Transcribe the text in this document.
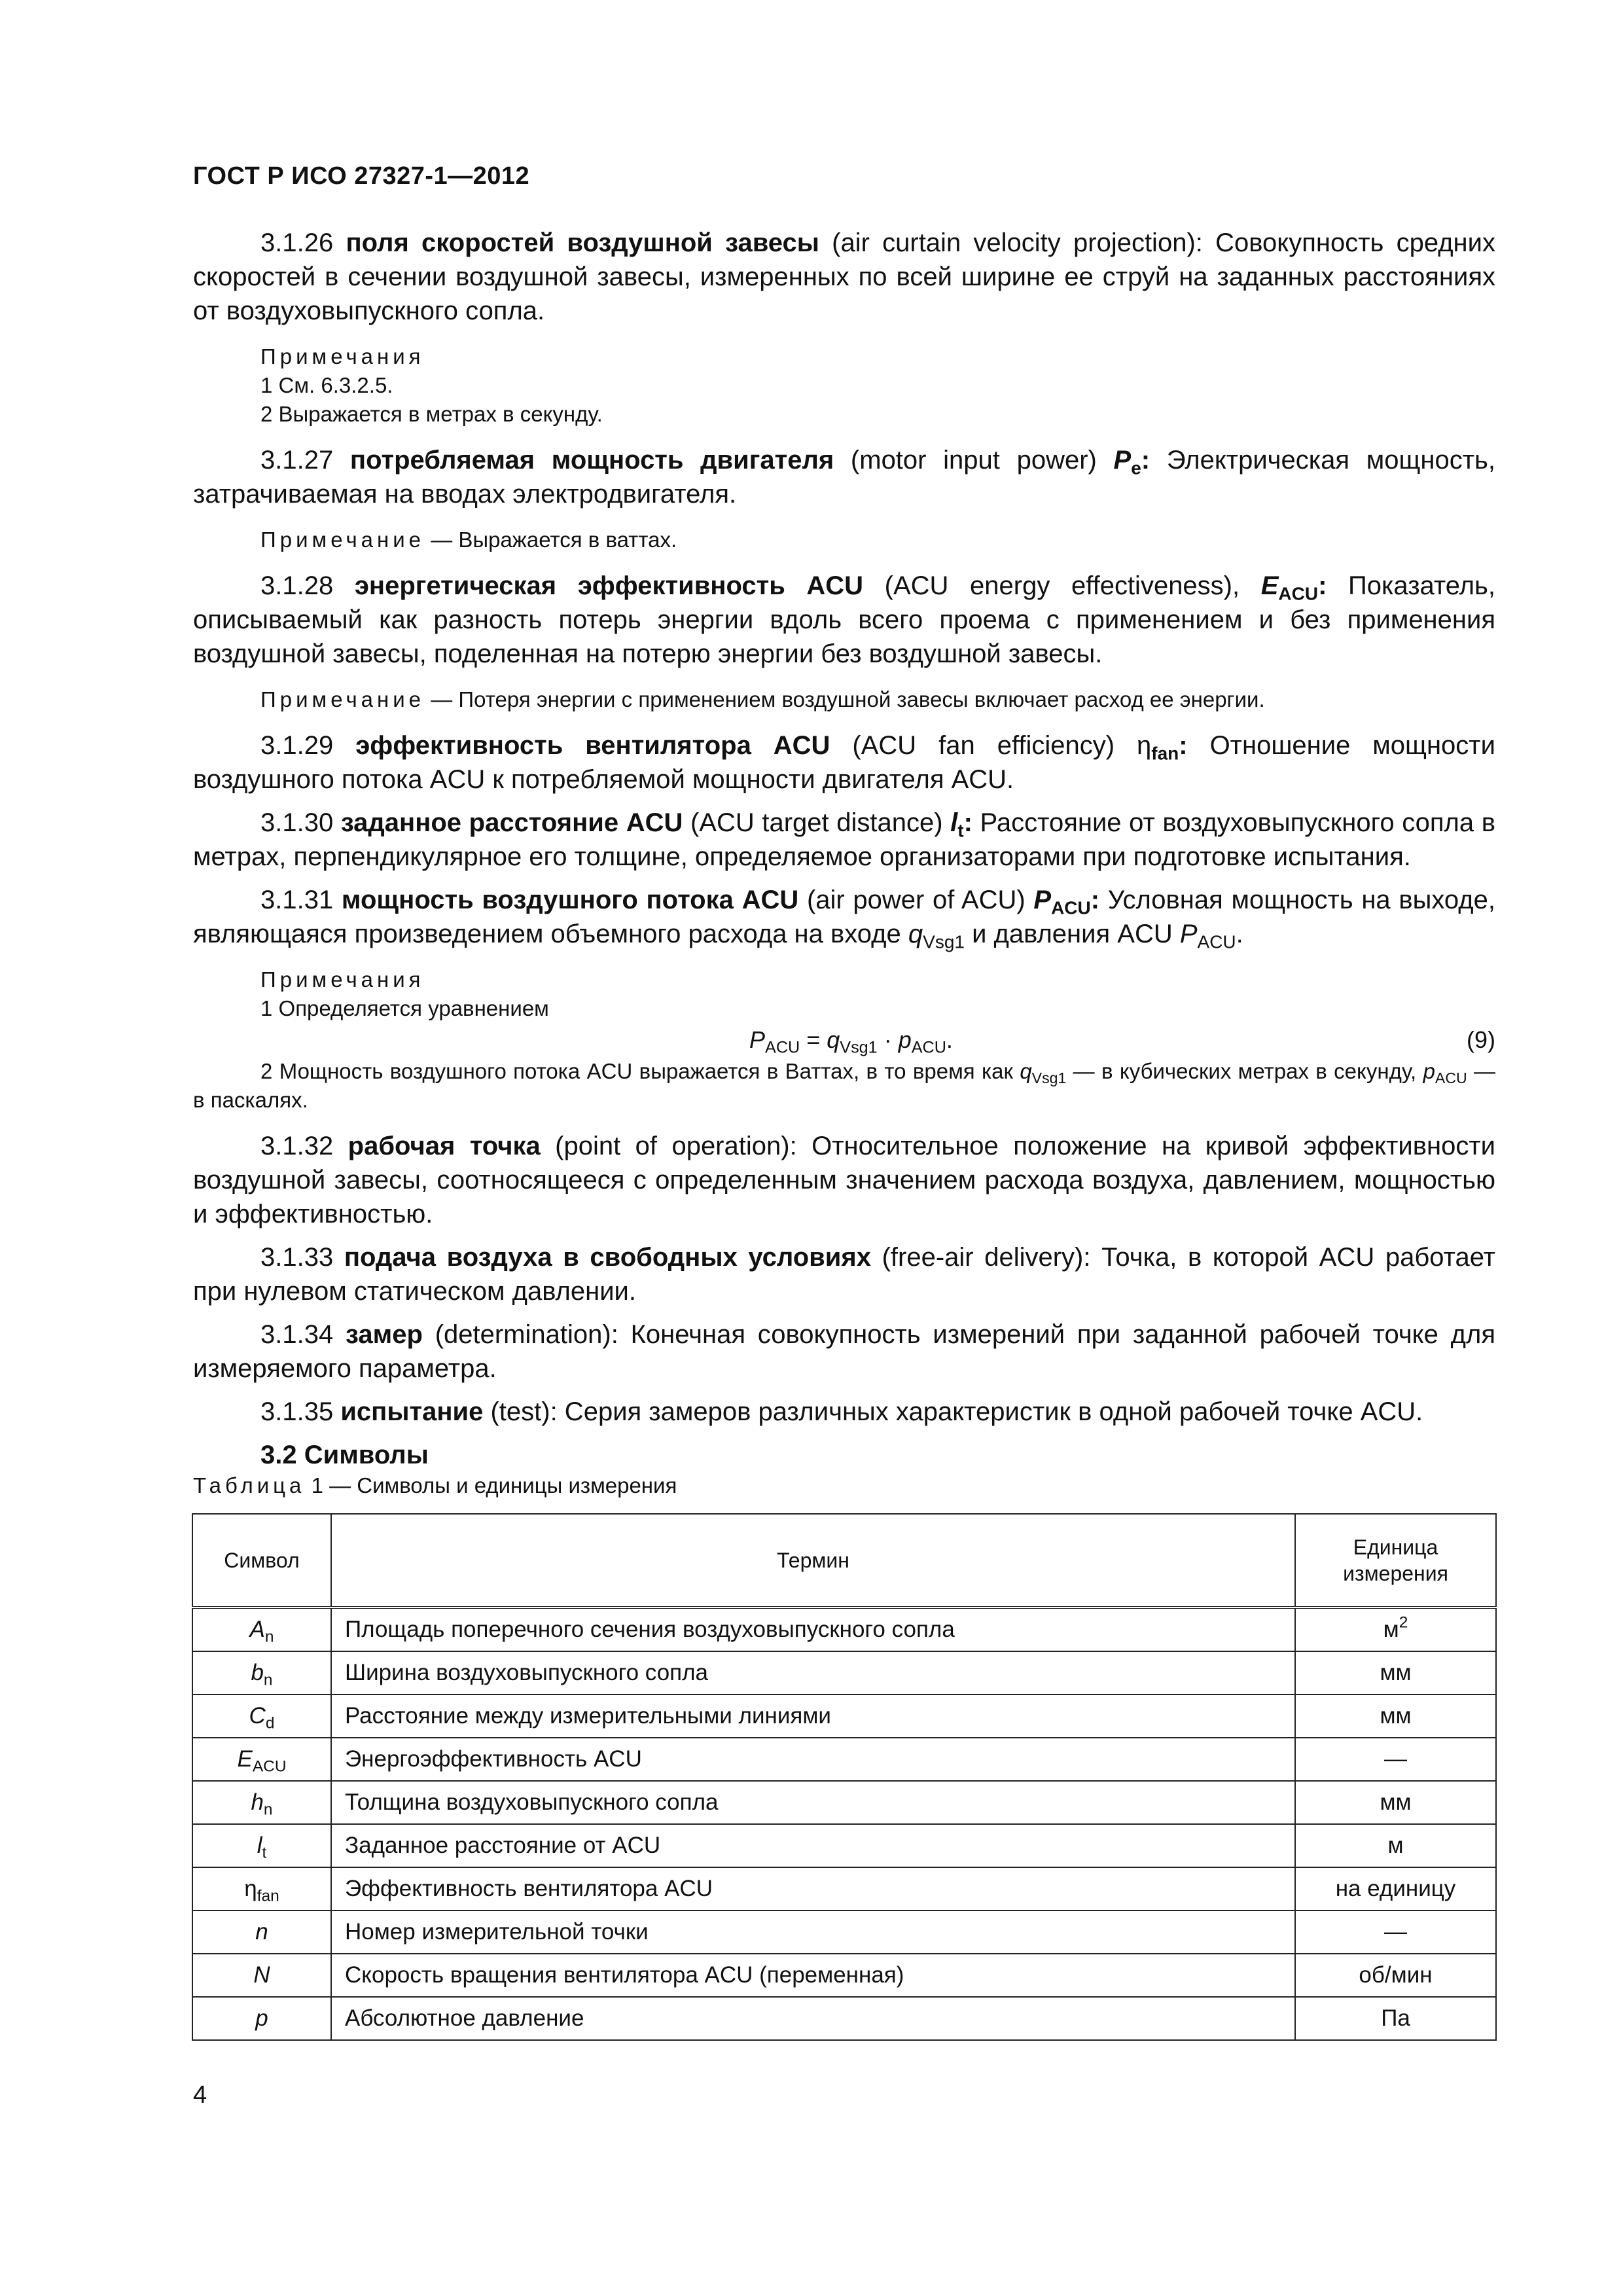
ГОСТ Р ИСО 27327-1—2012

3.1.26 поля скоростей воздушной завесы (air curtain velocity projection): Совокупность средних скоростей в сечении воздушной завесы, измеренных по всей ширине ее струй на заданных расстояниях от воздуховыпускного сопла.

Примечания

1 См. 6.3.2.5.

2 Выражается в метрах в секунду.

3.1.27 потребляемая мощность двигателя (motor input power) $P_e$: Электрическая мощность, затрачиваемая на вводах электродвигателя.

Примечание — Выражается в ваттах.

3.1.28 энергетическая эффективность ACU (ACU energy effectiveness), $E_{ACU}$: Показатель, описываемый как разность потерь энергии вдоль всего проема с применением и без применения воздушной завесы, поделенная на потерю энергии без воздушной завесы.

Примечание — Потеря энергии с применением воздушной завесы включает расход ее энергии.

3.1.29 эффективность вентилятора ACU (ACU fan efficiency) $\eta_{fan}$: Отношение мощности воздушного потока ACU к потребляемой мощности двигателя ACU.

3.1.30 заданное расстояние ACU (ACU target distance) $l_t$: Расстояние от воздуховыпускного сопла в метрах, перпендикулярное его толщине, определяемое организаторами при подготовке испытания.

3.1.31 мощность воздушного потока ACU (air power of ACU) $P_{ACU}$: Условная мощность на выходе, являющаяся произведением объемного расхода на входе $q_{Vsg1}$ и давления ACU $P_{ACU}$.

Примечания

1 Определяется уравнением

$P_{ACU} = q_{Vsg1} \cdot p_{ACU}$.	(9)

2 Мощность воздушного потока ACU выражается в Ваттах, в то время как $q_{Vsg1}$ — в кубических метрах в секунду, $p_{ACU}$ — в паскалях.

3.1.32 рабочая точка (point of operation): Относительное положение на кривой эффективности воздушной завесы, соотносящееся с определенным значением расхода воздуха, давлением, мощностью и эффективностью.

3.1.33 подача воздуха в свободных условиях (free-air delivery): Точка, в которой ACU работает при нулевом статическом давлении.

3.1.34 замер (determination): Конечная совокупность измерений при заданной рабочей точке для измеряемого параметра.

3.1.35 испытание (test): Серия замеров различных характеристик в одной рабочей точке ACU.

3.2 Символы

Таблица 1 — Символы и единицы измерения
Символ	Термин	Единица измерения
$A_n$	Площадь поперечного сечения воздуховыпускного сопла	$м^2$
$b_n$	Ширина воздуховыпускного сопла	мм
$C_d$	Расстояние между измерительными линиями	мм
$E_{ACU}$	Энергоэффективность ACU	—
$h_n$	Толщина воздуховыпускного сопла	мм
$l_t$	Заданное расстояние от ACU	м
$\eta_{fan}$	Эффективность вентилятора ACU	на единицу
n	Номер измерительной точки	—
N	Скорость вращения вентилятора ACU (переменная)	об/мин
p	Абсолютное давление	Па
4
